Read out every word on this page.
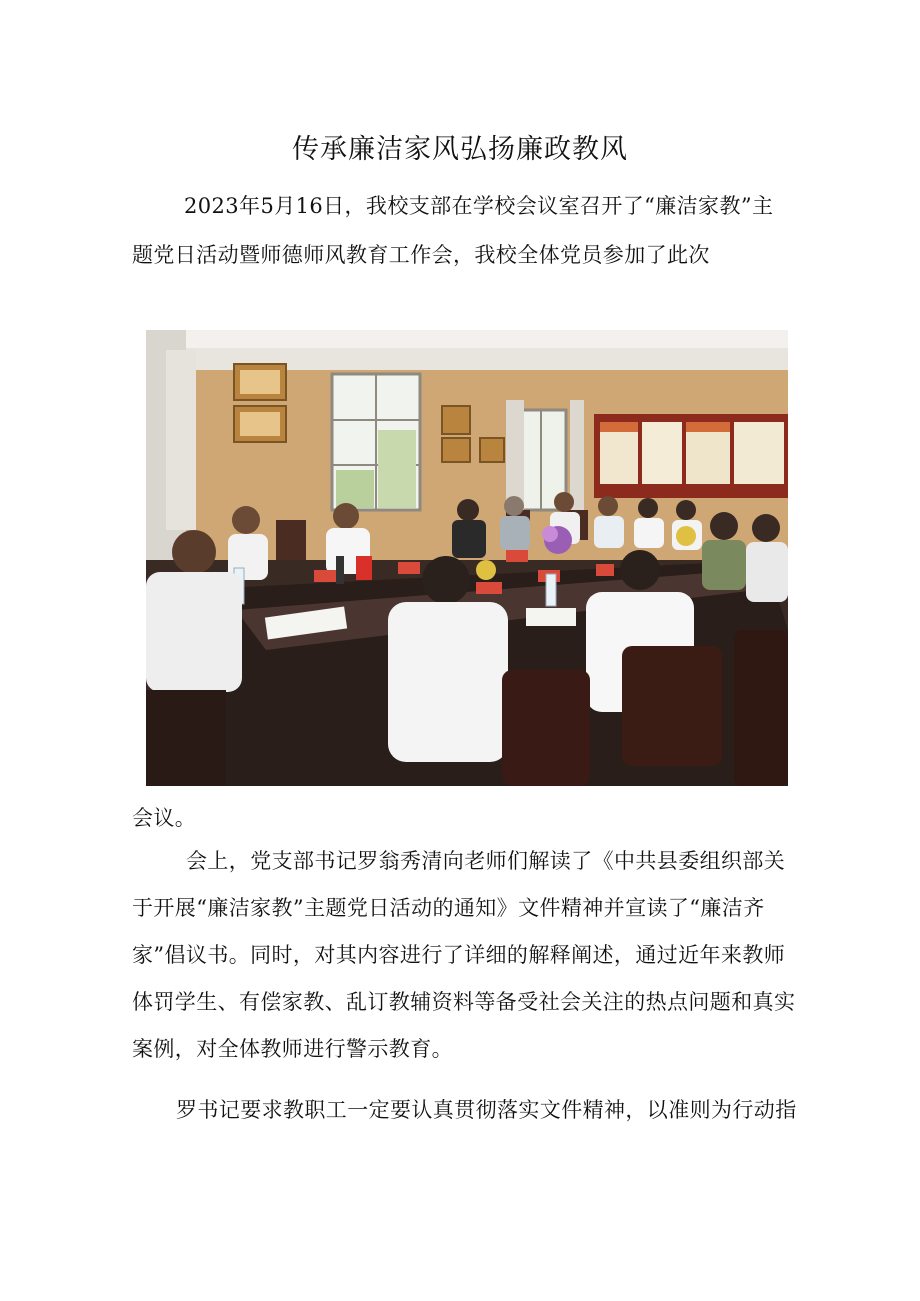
传承廉洁家风弘扬廉政教风
2023年5月16日，我校支部在学校会议室召开了“廉洁家教”主
题党日活动暨师德师风教育工作会，我校全体党员参加了此次
会议。
会上，党支部书记罗翁秀清向老师们解读了《中共县委组织部关
于开展“廉洁家教”主题党日活动的通知》文件精神并宣读了“廉洁齐
家”倡议书。同时，对其内容进行了详细的解释阐述，通过近年来教师
体罚学生、有偿家教、乱订教辅资料等备受社会关注的热点问题和真实
案例，对全体教师进行警示教育。
罗书记要求教职工一定要认真贯彻落实文件精神，以准则为行动指
